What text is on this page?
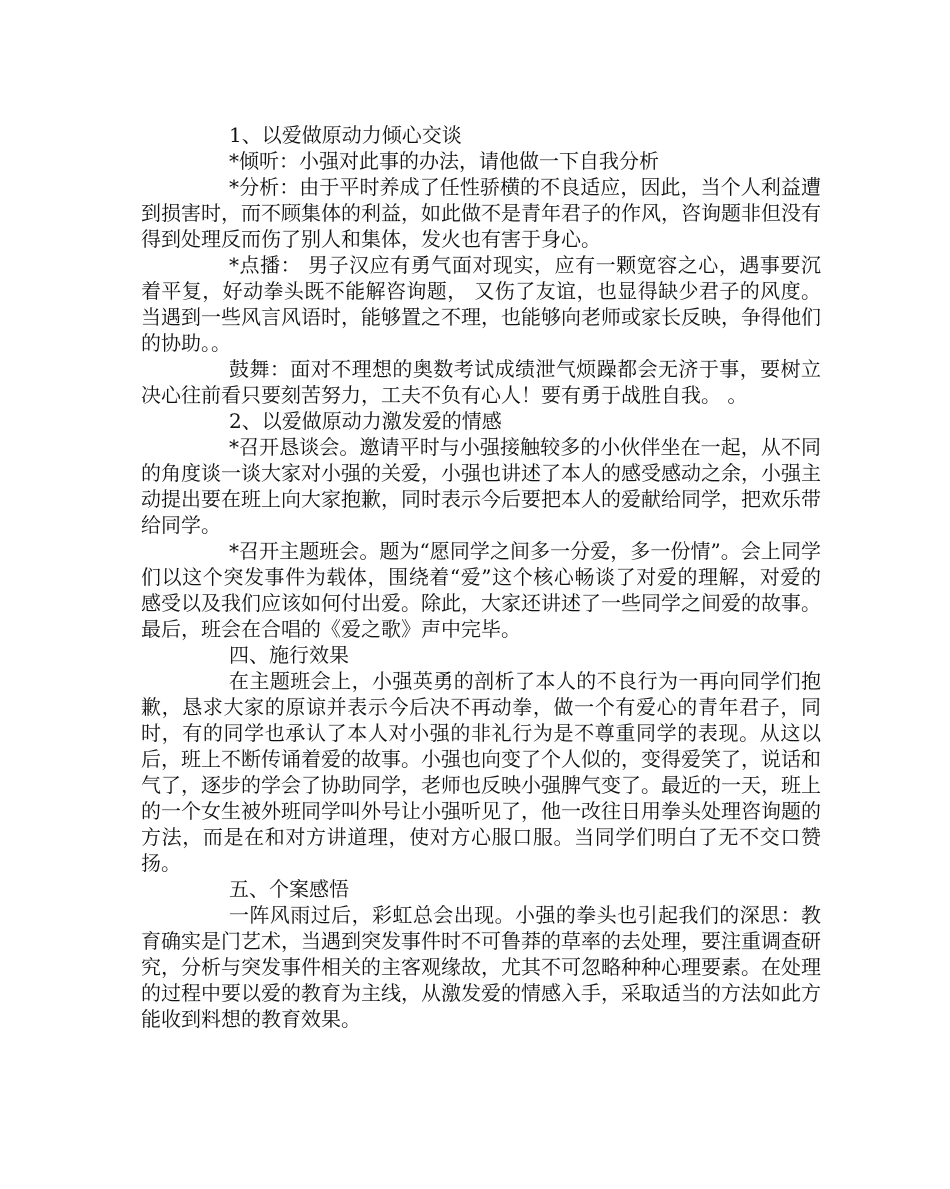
1、以爱做原动力倾心交谈

*倾听：小强对此事的办法，请他做一下自我分析

*分析：由于平时养成了任性骄横的不良适应，因此，当个人利益遭到损害时，而不顾集体的利益，如此做不是青年君子的作风，咨询题非但没有得到处理反而伤了别人和集体，发火也有害于身心。

*点播： 男子汉应有勇气面对现实，应有一颗宽容之心，遇事要沉着平复，好动拳头既不能解咨询题， 又伤了友谊，也显得缺少君子的风度。当遇到一些风言风语时，能够置之不理，也能够向老师或家长反映，争得他们的协助。。

鼓舞：面对不理想的奥数考试成绩泄气烦躁都会无济于事，要树立决心往前看只要刻苦努力，工夫不负有心人！要有勇于战胜自我。 。

2、以爱做原动力激发爱的情感

*召开恳谈会。邀请平时与小强接触较多的小伙伴坐在一起，从不同的角度谈一谈大家对小强的关爱，小强也讲述了本人的感受感动之余，小强主动提出要在班上向大家抱歉，同时表示今后要把本人的爱献给同学，把欢乐带给同学。

*召开主题班会。题为“愿同学之间多一分爱，多一份情”。会上同学们以这个突发事件为载体，围绕着“爱”这个核心畅谈了对爱的理解，对爱的感受以及我们应该如何付出爱。除此，大家还讲述了一些同学之间爱的故事。最后，班会在合唱的《爱之歌》声中完毕。

四、施行效果

在主题班会上，小强英勇的剖析了本人的不良行为一再向同学们抱歉，恳求大家的原谅并表示今后决不再动拳，做一个有爱心的青年君子，同时，有的同学也承认了本人对小强的非礼行为是不尊重同学的表现。从这以后，班上不断传诵着爱的故事。小强也向变了个人似的，变得爱笑了，说话和气了，逐步的学会了协助同学，老师也反映小强脾气变了。最近的一天，班上的一个女生被外班同学叫外号让小强听见了，他一改往日用拳头处理咨询题的方法，而是在和对方讲道理，使对方心服口服。当同学们明白了无不交口赞扬。

五、个案感悟

一阵风雨过后，彩虹总会出现。小强的拳头也引起我们的深思：教育确实是门艺术，当遇到突发事件时不可鲁莽的草率的去处理，要注重调查研究，分析与突发事件相关的主客观缘故，尤其不可忽略种种心理要素。在处理的过程中要以爱的教育为主线，从激发爱的情感入手，采取适当的方法如此方能收到料想的教育效果。
